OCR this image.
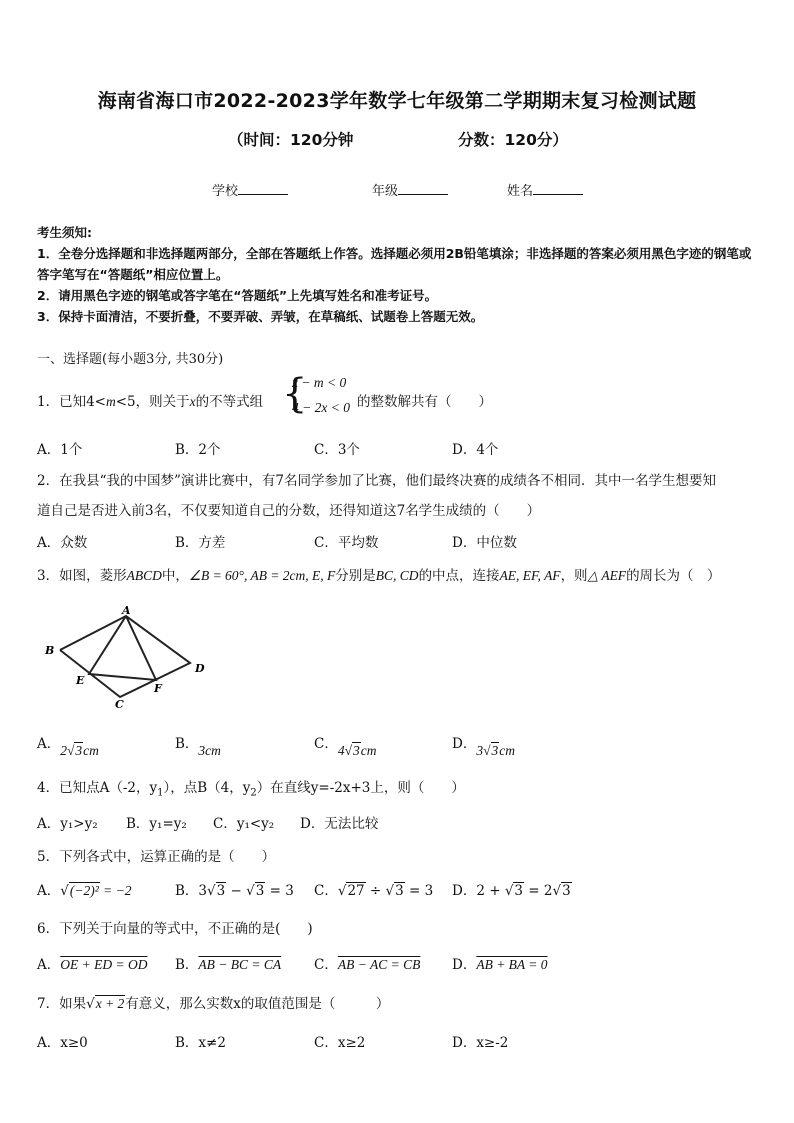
海南省海口市2022-2023学年数学七年级第二学期期末复习检测试题
（时间：120分钟	分数：120分）
学校	年级	姓名
考生须知:
1．全卷分选择题和非选择题两部分，全部在答题纸上作答。选择题必须用2B铅笔填涂；非选择题的答案必须用黑色字迹的钢笔或答字笔写在“答题纸”相应位置上。
2．请用黑色字迹的钢笔或答字笔在“答题纸”上先填写姓名和准考证号。
3．保持卡面清洁，不要折叠，不要弄破、弄皱，在草稿纸、试题卷上答题无效。
一、选择题(每小题3分, 共30分)
1．已知4<m<5，则关于x的不等式组 {
x − m < 0
4 − 2x < 0 的整数解共有（　　）
A．1个	B．2个	C．3个	D．4个
2．在我县“我的中国梦”演讲比赛中，有7名同学参加了比赛，他们最终决赛的成绩各不相同．其中一名学生想要知
道自己是否进入前3名，不仅要知道自己的分数，还得知道这7名学生成绩的（　　）
A．众数	B．方差	C．平均数	D．中位数
3．如图，菱形ABCD中，∠B = 60°, AB = 2cm, E, F分别是BC, CD的中点，连接AE, EF, AF，则△ AEF的周长为（　）
A
B
D
E
F
C
A．2√3cm	B．3cm	C．4√3cm	D．3√3cm
4．已知点A（-2，$y_1$），点B（4，$y_2$）在直线y=-2x+3上，则（　　）
A．y₁>y₂ B．y₁=y₂ C．y₁<y₂ D．无法比较
5．下列各式中，运算正确的是（　　）
A．√(−2)² = −2	B．3√3 − √3 = 3 C．√27 ÷ √3 = 3 D．2 + √3 = 2√3
6．下列关于向量的等式中，不正确的是(　　)
A．OE + ED = OD B．AB − BC = CA C．AB − AC = CB D．AB + BA = 0
7．如果√x + 2有意义，那么实数x的取值范围是（　　　）
A．x≥0	B．x≠2	C．x≥2	D．x≥-2
